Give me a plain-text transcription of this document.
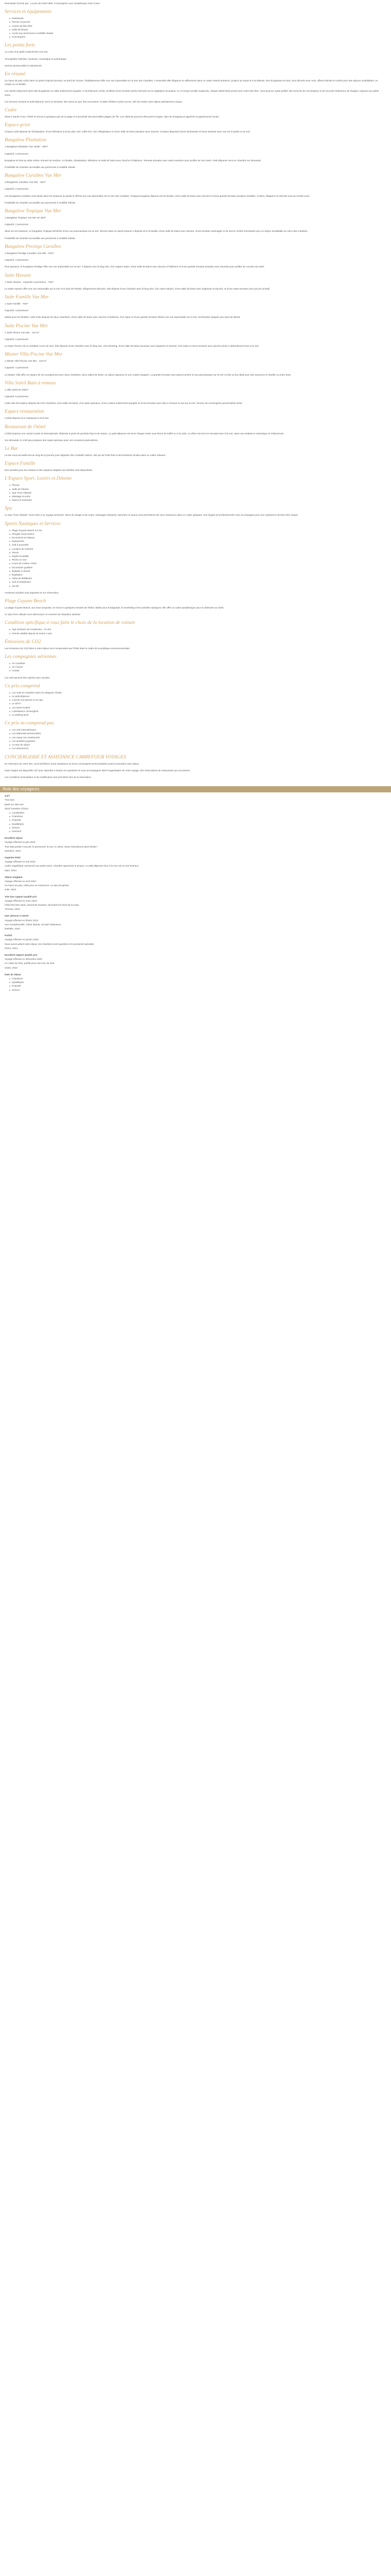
Description fournie par : Le prix de notre hôtel, Conciergerie Luxe Guadeloupe Anse Coeur

Services et équipements
Restaurant
Piscine et jacuzzi
Centre de bien-être
Salle de fitness
Accès aux personnes à mobilité réduite
Conciergerie
Les points forts

Au cœur d'un jardin tropical face à la mer

Atmosphère intimiste, luxueuse, romantique et authentique

Service personnalisé et attentionné

En résumé

Un havre de paix niché dans un jardin tropical luxuriant, au bord de l'océan, l'établissement offre une vue imprenable sur la mer des Caraïbes. L'ensemble allie élégance et raffinement dans un cadre naturel préservé, propice au repos et à la détente. Des bungalows en bois, tous décorés avec soin, offrent intimité et confort pour des séjours inoubliables, en couple ou en famille.

Les clients séjournent dans des bungalows ou villas entièrement équipés, à l'architecture créole, profitant d'une terrasse privée donnant sur la végétation luxuriante. Ici, le temps semble suspendu, chaque détail étant pensé pour votre bien-être. Vous pourrez aussi profiter des services de conciergerie et de l'accueil chaleureux de l'équipe, toujours aux petits soins.

Les services incluent le petit-déjeuner servi en terrasse, des soins au spa, des excursions, la table d'hôtes et plus encore, afin de rendre votre séjour parfaitement unique.

Cadre

Situé à Sainte-Anne, l'hôtel se trouve à quelques pas de la plage et à proximité des plus belles plages de l'île. Les visiteurs pourront découvrir la région, faire du shopping et apprécier la gastronomie locale.

Espace privé

Chaque unité dispose de climatisation, d'une télévision à écran plat, d'un coffre-fort, d'un réfrigérateur et d'une salle de bains privative avec douche. Certains disposent d'une kitchenette et d'une terrasse avec vue sur le jardin ou la mer.

Bungalow Plantation

1 Bungalow Plantation Vue Jardin - 40m²

Capacité: 2 personnes

Bungalow en bois au style créole, entouré de verdure. Lit double, climatisation, télévision et salle de bains avec douche à l'italienne. Terrasse privative avec salon extérieur pour profiter de l'air marin. Petit-déjeuner servi en chambre sur demande.

Possibilité de chambre accessible aux personnes à mobilité réduite.

Bungalow Caraïbes Vue Mer

3 Bungalows Caraïbes Vue Mer - 40m²

Capacité: 2 personnes

Les bungalows Caraïbes sont situés dans les hauteurs du jardin et offrent une vue imprenable sur la mer des Caraïbes. Chaque bungalow dispose d'un lit double, d'une salle de bains avec douche et d'une grande terrasse privative meublée. Confort, élégance et sérénité sont au rendez-vous.

Possibilité de chambre accessible aux personnes à mobilité réduite.

Bungalow Tropique Vue Mer

1 Bungalow Tropique Vue Mer de 40m²

Capacité: 2 personnes

Situé sur les hauteurs, ce bungalow Tropique bénéficie d'une vue panoramique sur la mer. Décoré dans un esprit tropical, il dispose d'un lit double, d'une salle de bains avec douche, d'une terrasse aménagée et de tout le confort nécessaire pour un séjour inoubliable au cœur des Caraïbes.

Possibilité de chambre accessible aux personnes à mobilité réduite.

Bungalow Prestige Caraïbes

1 Bungalow Prestige Caraïbes Vue Mer - 54m²

Capacité: 2 personnes

Plus spacieux, le bungalow Prestige offre une vue imprenable sur la mer. Il dispose d'un lit king size, d'un espace salon, d'une salle de bains avec douche à l'italienne et d'une grande terrasse privative avec transats pour profiter du coucher de soleil.

Suite Havane

1 Suite Havane - Capacité 2 personnes - 75m²

La Suite Havane offre une vue imprenable sur la mer et le bois de Plessis. Élégamment décorée, elle dispose d'une chambre avec lit king size, d'un salon séparé, d'une salle de bains avec baignoire et douche, et d'une vaste terrasse avec jacuzzi privatif.

Suite Famille Vue Mer

1 Suite Famille - 74m²

Capacité: 4 personnes

Idéale pour les familles, cette suite dispose de deux chambres, d'une salle de bains avec douche à l'italienne, d'un salon et d'une grande terrasse offrant une vue imprenable sur la mer. Kitchenette équipée pour plus de liberté.

Suite Piscine Vue Mer

1 Suite Piscine Vue Mer - 110 m²

Capacité: 2 personnes

La Suite Piscine est un véritable cocon de luxe. Elle dispose d'une chambre avec lit king size, d'un dressing, d'une salle de bains luxueuse avec baignoire et douche, d'un salon et d'une terrasse avec piscine privée à débordement face à la mer.

Master Villa Piscine Vue Mer

1 Master Villa Piscine Vue Mer - 120 m²

Capacité: 4 personnes

La Master Villa offre un espace de vie exceptionnel avec deux chambres, deux salles de bains, un séjour spacieux et une cuisine équipée. La grande terrasse avec piscine privée et vue panoramique sur la mer en fait un lieu idéal pour des vacances en famille ou entre amis.

Villa Soleil Bain à remous

1 Villa Soleil de 150m²

Capacité: 6 personnes

Cette villa d'exception dispose de trois chambres, trois salles de bains, d'un salon spacieux, d'une cuisine entièrement équipée et d'une terrasse avec bain à remous et vue sur la mer. Service de conciergerie personnalisé inclus.

Espace restauration

L'hôtel dispose d'un restaurant et d'un bar.

Restaurant de l'hôtel

L'hôtel propose une cuisine locale et internationale, élaborée à partir de produits frais et de saison. Le petit-déjeuner est servi chaque matin sous forme de buffet ou à la carte. Le dîner est servi en terrasse face à la mer, dans une ambiance romantique et chaleureuse.

Sur demande, le chef peut préparer des repas spéciaux pour vos occasions particulières.

Le Bar

Le bar vous accueille tout au long de la journée pour déguster des cocktails maison, des jus de fruits frais et des boissons locales dans un cadre relaxant.

Espace Famille

Des activités pour les enfants et des espaces adaptés aux familles sont disponibles.

L'Espace Sport, Loisirs et Détente
Piscine
Salle de Fitness
Spa "Pure Altitude"
Massage et soins
Sauna et hammam
Spa

Le Spa "Pure Altitude" vous invite à un voyage sensoriel. Soins du visage et du corps, massages relaxants, hammam et sauna vous permettront de vous ressourcer dans un cadre apaisant. Une équipe de professionnels vous accompagne pour une expérience de bien-être unique.

Sports Nautiques et Services
Plage Guyane Beach à 2 km
Plongée sous-marine
Excursions en bateau
Randonnée
Golf à proximité
Location de voitures
Tennis
Kayak et paddle
Pêche en mer
Cours de cuisine créole
Excursions guidées
Balades à cheval
Équitation
Visite de distilleries
Surf et bodyboard
Jet-ski

Certaines activités sont payantes et sur réservation.

Plage Guyane Beach

La plage Guyane Beach, aux eaux turquoise, se trouve à quelques minutes de l'hôtel. Idéale pour la baignade, le snorkeling et les activités nautiques, elle offre un cadre paradisiaque pour se détendre au soleil.

Le Spa Pure Altitude vous attend pour un moment de relaxation absolue.

Condition spécifique à vous faire le choix de la location de voiture
Âge minimum du conducteur : 21 ans
Permis valable depuis au moins 2 ans
Émissions de CO2

Les émissions de CO2 liées à votre séjour sont compensées par l'hôtel dans le cadre de sa politique environnementale.

Les compagnies aériennes
Air Caraïbes
Air France
Corsair

Les vols peuvent être opérés avec escales.

Ce prix comprend
Les nuits en chambre selon la catégorie choisie
Le petit-déjeuner
L'accès à la piscine et au spa
Le Wi-Fi
Les taxes locales
L'assistance conciergerie
Le parking privé
Ce prix ne comprend pas
Les vols internationaux
Les dépenses personnelles
Les repas non mentionnés
Les activités payantes
La taxe de séjour
Les assurances
CONCIERGERIE ET ASSISTANCE CARREFOUR VOYAGES

En réservant sur notre site, vous bénéficiez d'une assistance et d'une conciergerie personnalisées avant et pendant votre séjour.

Notre équipe est disponible 7j/7 pour répondre à toutes vos questions et vous accompagner dans l'organisation de votre voyage, des réservations de restaurants aux excursions.

Les conditions d'annulation et de modification sont précisées lors de la réservation.

Note des voyageurs

4,4/5

Très bien

Basé sur 256 Avis

2023 Travelers Choice

Localisation
Chambres
Propreté
Qualité/prix
Service
Sommeil

Excellent séjour

Voyage effectué en juin 2024

Tout était parfait, l'accueil, le personnel, la vue, le calme. Nous reviendrons sans hésiter !

Sandrine, 2024

Superbe hôtel

Voyage effectué en mai 2024

Cadre magnifique, personnel aux petits soins, chambre spacieuse et propre. Le petit-déjeuner face à la mer est un vrai bonheur.

Marc, 2024

Séjour magique

Voyage effectué en avril 2024

Un havre de paix, idéal pour se ressourcer. Le spa est génial.

Julie, 2024

Très bon rapport qualité prix

Voyage effectué en mars 2024

Hôtel très bien situé, personnel souriant, seul bémol le bruit de la route.

Thomas, 2024

Une adresse à retenir

Voyage effectué en février 2024

Vue exceptionnelle, calme absolu, accueil chaleureux.

Nathalie, 2024

Parfait

Voyage effectué en janvier 2024

Nous avons adoré notre séjour, les chambres sont superbes et le personnel adorable.

Pierre, 2024

Excellent rapport qualité prix

Voyage effectué en décembre 2023

Un cadre de rêve, parfait pour une lune de miel.

Claire, 2023

Date du séjour

Chambres
Qualité/prix
Propreté
Service
